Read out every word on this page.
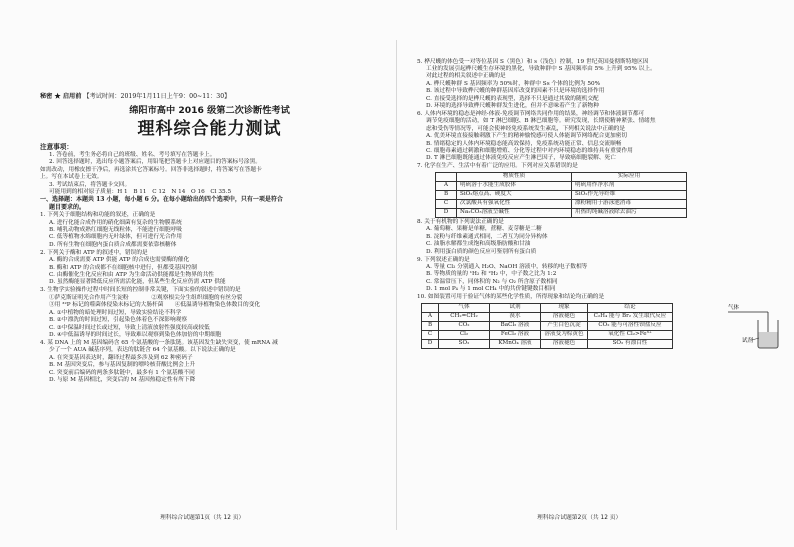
秘密 ★ 启用前 【考试时间：2019年1月11日上午9：00~11：30】
绵阳市高中 2016 级第二次诊断性考试
理科综合能力测试
注意事项：
1. 答卷前，考生务必将自己的班级、姓名、考号填写在答题卡上。
2. 回答选择题时，选出每小题答案后，用铅笔把答题卡上对应题目的答案标号涂黑。
如需改动，用橡皮擦干净后，再选涂其它答案标号。回答非选择题时，将答案写在答题卡
上。写在本试卷上无效。
3. 考试结束后，将答题卡交回。
可能用到的相对原子质量：H 1　B 11　C 12　N 14　O 16　Cl 35.5
一、选择题：本题共 13 小题，每小题 6 分。在每小题给出的四个选项中，只有一项是符合
题目要求的。
1. 下列关于细胞结构和功能的叙述，正确的是
A. 进行化能合成作用的硝化细菌有复杂的生物膜系统
B. 哺乳动物成熟红细胞无线粒体，不能进行细胞呼吸
C. 低等植物水绵细胞内无叶绿体，但可进行光合作用
D. 所有生物在细胞内蛋白质合成都需要依靠核糖体
2. 下列关于酶和 ATP 的叙述中，错误的是
A. 酶的合成需要 ATP 供能 ATP 的合成也需要酶的催化
B. 酶和 ATP 的合成都不在细胞核中进行，但都受基因控制
C. 由酶催化生化反应和由 ATP 为生命活动供能都是生物界的共性
D. 虽然酶能显著降低反应所需活化能，但某些生化反应仍需 ATP 供能
3. 生物学实验操作过程中时间长短的控制非常关键，下面实验的叙述中错误的是
①萨克斯证明光合作用产生淀粉　　　　②观察根尖分生组织细胞的有丝分裂
③用 ³²P 标记的噬菌体侵染未标记的大肠杆菌　　④低温诱导植物染色体数目的变化
A. ①中植物的暗处理时间过短，导致实验结论不科学
B. ②中漂洗的时间过短，引起染色体着色不深影响观察
C. ③中保温时间过长或过短，导致上清液放射性强度较高或较低
D. ④中低温诱导的时间过长，导致难以观察到染色体加倍的中期细胞
4. 某 DNA 上的 M 基因编码含 65 个氨基酸的一条肽链。该基因发生缺失突变，使 mRNA 减
少了一个 AUA 碱基序列，表达的肽链含 64 个氨基酸。以下说法正确的是
A. 在突变基因表达时，翻译过程最多涉及到 62 种密码子
B. M 基因突变后，参与基因复制的嘌呤核苷酸比例会上升
C. 突变前后编码的两条多肽链中，最多有 1 个氨基酸不同
D. 与原 M 基因相比，突变后的 M 基因热稳定性有所下降
理科综合试题第1页（共 12 页）
5. 桦尺蠖的体色受一对等位基因 S（黑色）和 s（浅色）控制，19 世纪英国曼彻斯特地区因
工业的发展引起桦尺蠖生存环境的黑化，导致种群中 S 基因频率由 5% 上升到 95% 以上。
对此过程的相关叙述中正确的是
A. 桦尺蠖种群 S 基因频率为 50%时，种群中 Ss 个体的比例为 50%
B. 该过程中导致桦尺蠖的种群基因库改变的因素不只是环境的选择作用
C. 直接受选择的是桦尺蠖的表现型，选择不只是通过其致的随机交配
D. 环境的选择导致桦尺蠖种群发生进化，但并不意味着产生了新物种
6. 人体内环境的稳态是神经-体液-免疫调节网络共同作用的结果，神经调节和体液调节都可
调节免疫细胞的活动，如 T 淋巴细胞、B 淋巴细胞等。研究发现，长期使精神紧张、情绪焦
虑和受伤等情况等，可能会使神经免疫系统发生紊乱，下列相关说法中正确的是
A. 优美环境直接接触刺激下产生的精神愉悦感可使人体能调节网络配合更加密切
B. 情绪稳定的人体内环境稳态能高效保持，免疫系统功能正常、信息交流顺畅
C. 细胞毒素通过刺激和细胞增殖、分化等过程中对内环境稳态的维持具有重要作用
D. T 淋巴细胞既能通过体液免疫反应产生淋巴因子，导致癌细胞裂解、死亡
7. 化学在生产、生活中有着广泛的应用。下列对应关系错误的是
	物质性质	实际应用
A	明矾溶于水能生成胶体	明矾用作净水剂
B	SiO₂熔点高、硬度大	SiO₂作光导纤维
C	次氯酸具有强氧化性	漂粉精用于游泳池消毒
D	Na₂CO₃溶液呈碱性	用热的纯碱溶液除去油污
8. 关于有机物的下列说法正确的是
A. 葡萄糖、果糖是单糖，蔗糖、麦芽糖是二糖
B. 淀粉与纤维素通式相同，二者互为同分异构体
C. 油脂水解都生成饱和高级脂肪酸和甘油
D. 利用蛋白质的颜色反应可鉴别所有蛋白质
9. 下列叙述正确的是
A. 等量 Cl₂ 分别通入 H₂O、NaOH 溶液中，转移的电子数相等
B. 等物质的量的 ¹H₂ 和 ²H₂ 中，中子数之比为 1:2
C. 常温常压下，同体积的 N₂ 与 O₂ 所含原子数相同
D. 1 mol P₄ 与 1 mol CH₄ 中的共价键键数目相同
10. 如图装置可用于验证气体的某些化学性质，所得现象和结论均正确的是
	气体	试剂	现象	结论
A	CH₂=CH₂	溴水	溶液褪色	C₂H₄ 能与 Br₂ 发生取代反应
B	CO₂	BaCl₂ 溶液	产生白色沉淀	CO₂ 能与可溶性钡盐反应
C	Cl₂	FeCl₂ 溶液	溶液变为棕黄色	氧化性 Cl₂>Fe³⁺
D	SO₂	KMnO₄ 溶液	溶液褪色	SO₂ 有漂白性
气体
试剂
理科综合试题第2页（共 12 页）
